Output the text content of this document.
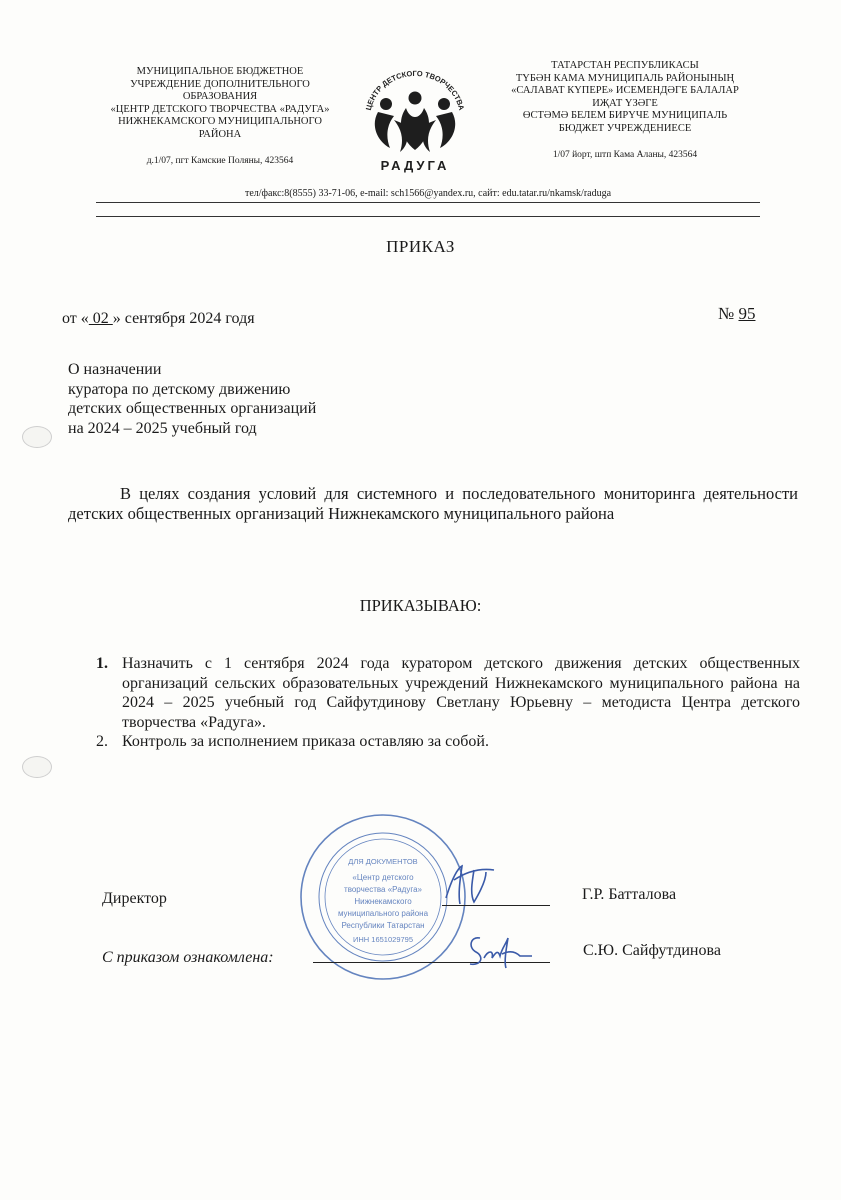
МУНИЦИПАЛЬНОЕ БЮДЖЕТНОЕ
УЧРЕЖДЕНИЕ ДОПОЛНИТЕЛЬНОГО
ОБРАЗОВАНИЯ
«ЦЕНТР ДЕТСКОГО ТВОРЧЕСТВА «РАДУГА»
НИЖНЕКАМСКОГО МУНИЦИПАЛЬНОГО
РАЙОНА
д.1/07, пгт Камские Поляны, 423564
ЦЕНТР ДЕТСКОГО ТВОРЧЕСТВА
РАДУГА
ТАТАРСТАН РЕСПУБЛИКАСЫ
ТҮБӘН КАМА МУНИЦИПАЛЬ РАЙОНЫНЫҢ
«САЛАВАТ КҮПЕРЕ» ИСЕМЕНДӘГЕ БАЛАЛАР
ИҖАТ ҮЗӘГЕ
ӨСТӘМӘ БЕЛЕМ БИРҮЧЕ МУНИЦИПАЛЬ
БЮДЖЕТ УЧРЕЖДЕНИЕСЕ
1/07 йорт, штп Кама Аланы, 423564
тел/факс:8(8555) 33-71-06, e-mail: sch1566@yandex.ru, сайт: edu.tatar.ru/nkamsk/raduga
ПРИКАЗ
от « 02 » сентября 2024 годя	№ 95
О назначении
куратора по детскому движению
детских общественных организаций
на 2024 – 2025 учебный год
В целях создания условий для системного и последовательного мониторинга деятельности детских общественных организаций Нижнекамского муниципального района
ПРИКАЗЫВАЮ:
1. Назначить с 1 сентября 2024 года куратором детского движения детских общественных организаций сельских образовательных учреждений Нижнекамского муниципального района на 2024 – 2025 учебный год Сайфутдинову Светлану Юрьевну – методиста Центра детского творчества «Радуга».
2. Контроль за исполнением приказа оставляю за собой.
ДЛЯ ДОКУМЕНТОВ
«Центр детского
творчества «Радуга»
Нижнекамского
муниципального района
Республики Татарстан
ИНН 1651029795
Директор	Г.Р. Батталова
С приказом ознакомлена:	С.Ю. Сайфутдинова
